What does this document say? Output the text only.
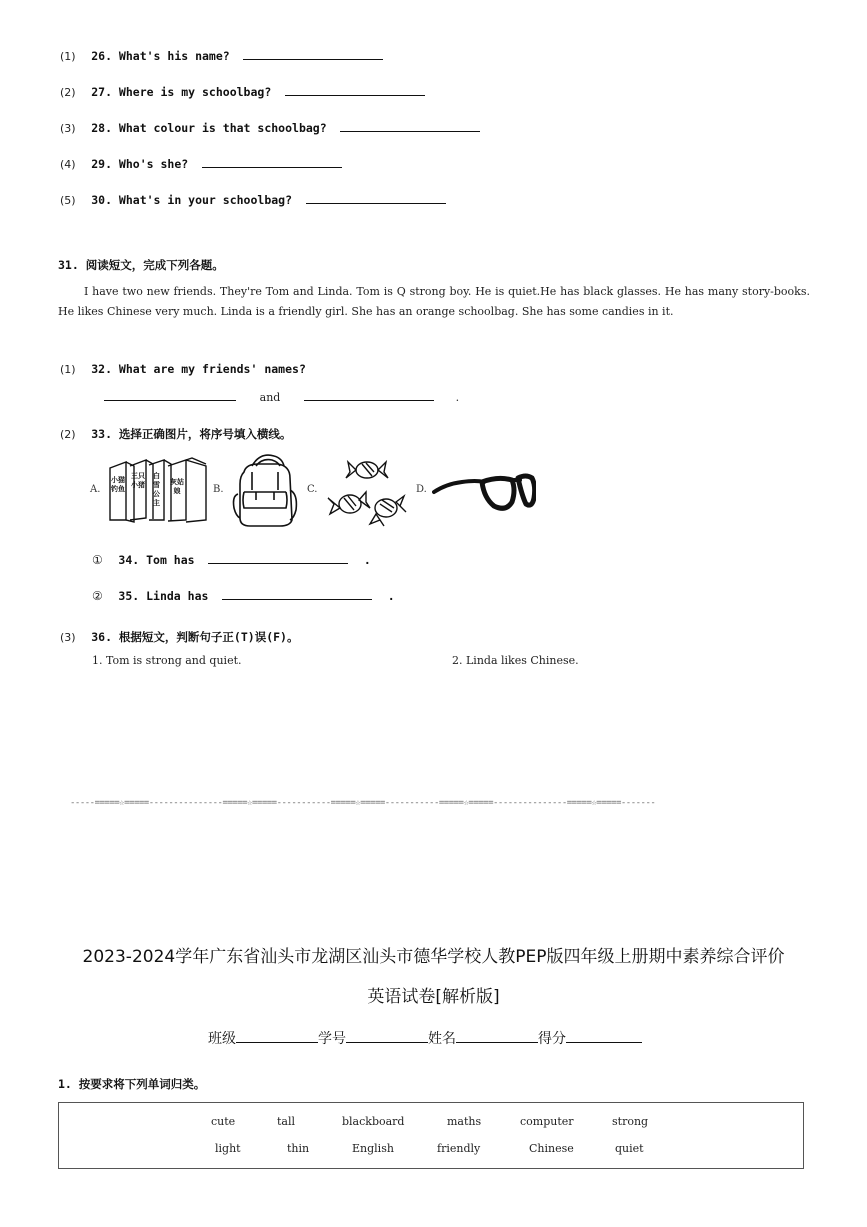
(1) 26. What's his name?
(2) 27. Where is my schoolbag?
(3) 28. What colour is that schoolbag?
(4) 29. Who's she?
(5) 30. What's in your schoolbag?
31. 阅读短文，完成下列各题。
I have two new friends. They're Tom and Linda. Tom is Q strong boy. He is quiet.He has black glasses. He has many story-books. He likes Chinese very much. Linda is a friendly girl. She has an orange schoolbag. She has some candies in it.
(1) 32. What are my friends' names?
and	.
(2) 33. 选择正确图片，将序号填入横线。
A.
小猫钓鱼
三只小猪
白雪公主
灰姑娘	B.	C.	D.
① 34. Tom has	.
② 35. Linda has	.
(3) 36. 根据短文，判断句子正(T)误(F)。
1. Tom is strong and quiet.	2. Linda likes Chinese.
-----=====☆=====---------------=====☆=====-----------=====☆=====-----------=====☆=====---------------=====☆=====-------
2023-2024学年广东省汕头市龙湖区汕头市德华学校人教PEP版四年级上册期中素养综合评价
英语试卷[解析版]
班级	学号	姓名	得分
1. 按要求将下列单词归类。
cute	tall	blackboard	maths	computer	strong
light	thin	English	friendly	Chinese	quiet
